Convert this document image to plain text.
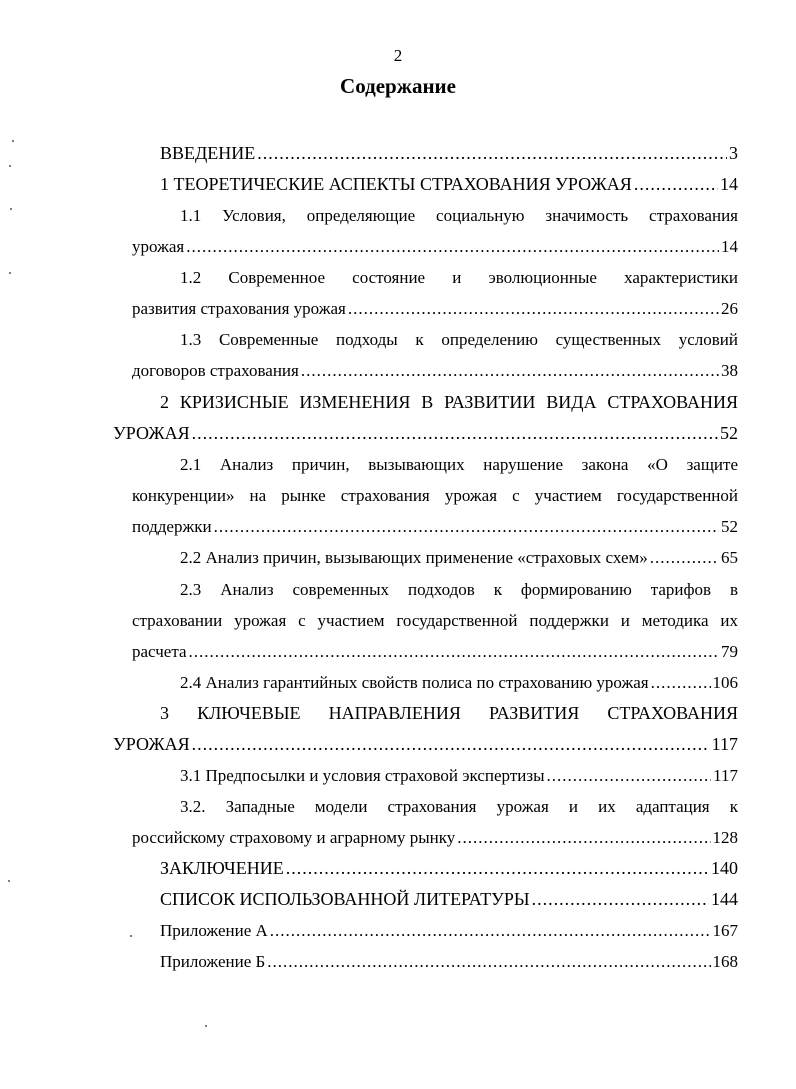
2
Содержание
ВВЕДЕНИЕ .....	3
1 ТЕОРЕТИЧЕСКИЕ АСПЕКТЫ СТРАХОВАНИЯ УРОЖАЯ .....	14
1.1 Условия, определяющие социальную значимость страхования
урожая .....	14
1.2 Современное состояние и эволюционные характеристики
развития страхования урожая .....	26
1.3 Современные подходы к определению существенных условий
договоров страхования .....	38
2 КРИЗИСНЫЕ ИЗМЕНЕНИЯ В РАЗВИТИИ ВИДА СТРАХОВАНИЯ
УРОЖАЯ .....	52
2.1 Анализ причин, вызывающих нарушение закона «О защите
конкуренции» на рынке страхования урожая с участием государственной
поддержки .....	52
2.2 Анализ причин, вызывающих применение «страховых схем» .....	65
2.3 Анализ современных подходов к формированию тарифов в
страховании урожая с участием государственной поддержки и методика их
расчета .....	79
2.4 Анализ гарантийных свойств полиса по страхованию урожая .....	106
3 КЛЮЧЕВЫЕ НАПРАВЛЕНИЯ РАЗВИТИЯ СТРАХОВАНИЯ
УРОЖАЯ .....	117
3.1 Предпосылки и условия страховой экспертизы .....	117
3.2. Западные модели страхования урожая и их адаптация к
российскому страховому и аграрному рынку .....	128
ЗАКЛЮЧЕНИЕ .....	140
СПИСОК ИСПОЛЬЗОВАННОЙ ЛИТЕРАТУРЫ .....	144
Приложение А .....	167
Приложение Б .....	168
